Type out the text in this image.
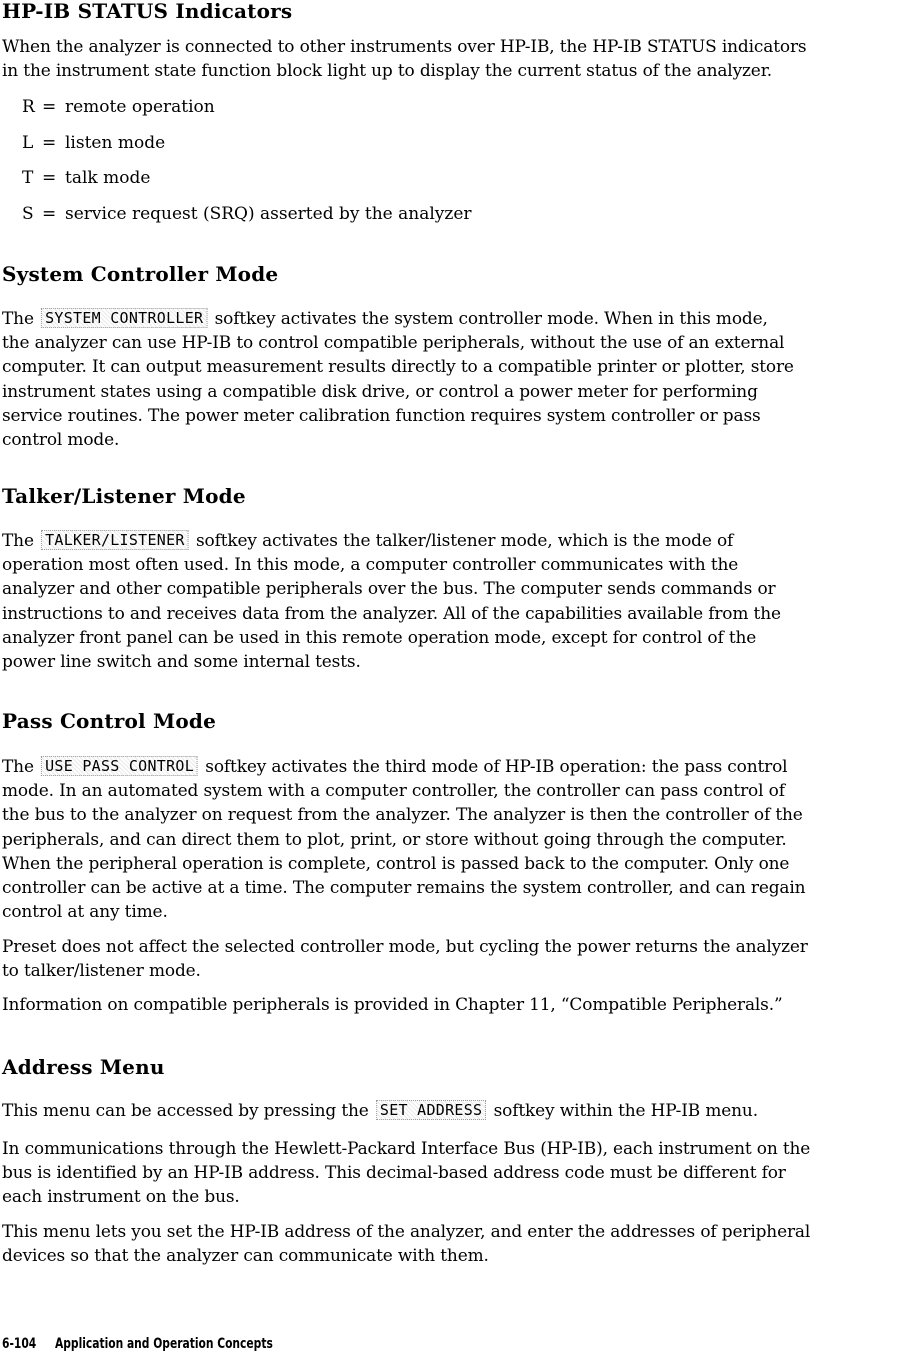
HP-IB STATUS Indicators

When the analyzer is connected to other instruments over HP-IB, the HP-IB STATUS indicators
in the instrument state function block light up to display the current status of the analyzer.

R = remote operation

L = listen mode

T = talk mode

S = service request (SRQ) asserted by the analyzer

System Controller Mode

The SYSTEM CONTROLLER softkey activates the system controller mode. When in this mode,
the analyzer can use HP-IB to control compatible peripherals, without the use of an external
computer. It can output measurement results directly to a compatible printer or plotter, store
instrument states using a compatible disk drive, or control a power meter for performing
service routines. The power meter calibration function requires system controller or pass
control mode.

Talker/Listener Mode

The TALKER/LISTENER softkey activates the talker/listener mode, which is the mode of
operation most often used. In this mode, a computer controller communicates with the
analyzer and other compatible peripherals over the bus. The computer sends commands or
instructions to and receives data from the analyzer. All of the capabilities available from the
analyzer front panel can be used in this remote operation mode, except for control of the
power line switch and some internal tests.

Pass Control Mode

The USE PASS CONTROL softkey activates the third mode of HP-IB operation: the pass control
mode. In an automated system with a computer controller, the controller can pass control of
the bus to the analyzer on request from the analyzer. The analyzer is then the controller of the
peripherals, and can direct them to plot, print, or store without going through the computer.
When the peripheral operation is complete, control is passed back to the computer. Only one
controller can be active at a time. The computer remains the system controller, and can regain
control at any time.

Preset does not affect the selected controller mode, but cycling the power returns the analyzer
to talker/listener mode.

Information on compatible peripherals is provided in Chapter 11, “Compatible Peripherals.”

Address Menu

This menu can be accessed by pressing the SET ADDRESS softkey within the HP-IB menu.

In communications through the Hewlett-Packard Interface Bus (HP-IB), each instrument on the
bus is identified by an HP-IB address. This decimal-based address code must be different for
each instrument on the bus.

This menu lets you set the HP-IB address of the analyzer, and enter the addresses of peripheral
devices so that the analyzer can communicate with them.

6-104 Application and Operation Concepts
